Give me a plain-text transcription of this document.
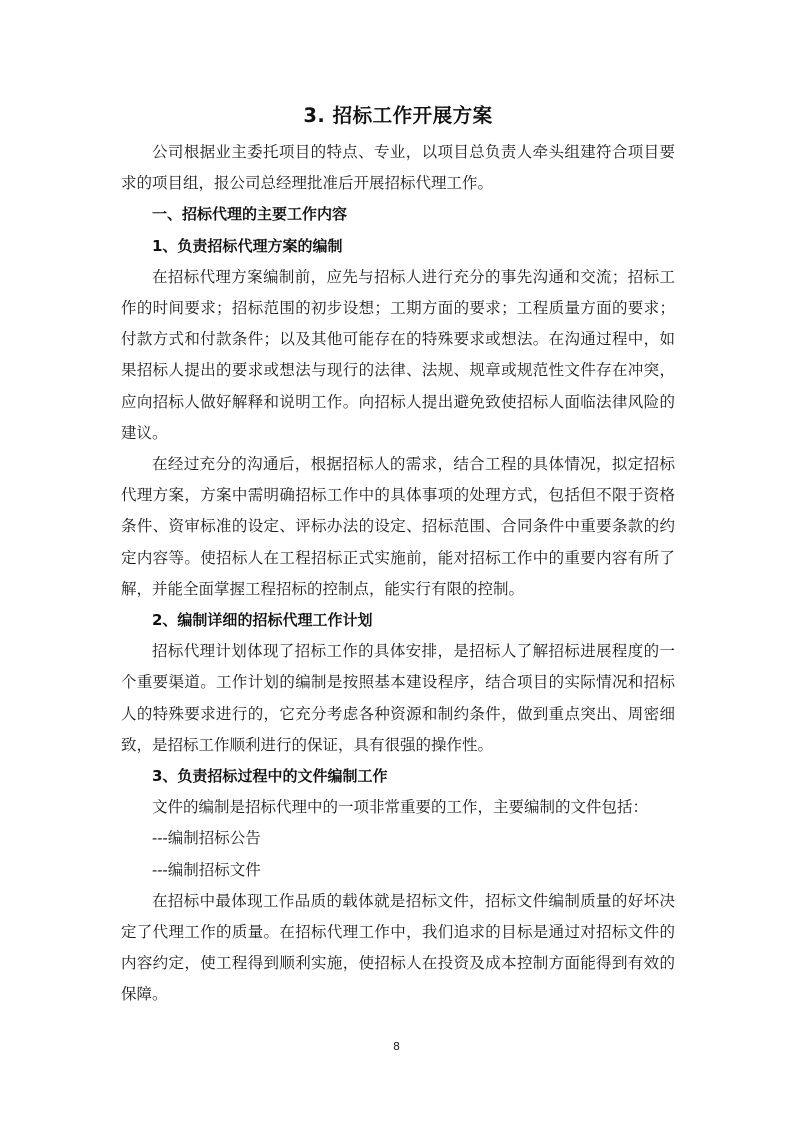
3. 招标工作开展方案

公司根据业主委托项目的特点、专业，以项目总负责人牵头组建符合项目要求的项目组，报公司总经理批准后开展招标代理工作。

一、招标代理的主要工作内容
1、负责招标代理方案的编制

在招标代理方案编制前，应先与招标人进行充分的事先沟通和交流；招标工作的时间要求；招标范围的初步设想；工期方面的要求；工程质量方面的要求；付款方式和付款条件；以及其他可能存在的特殊要求或想法。在沟通过程中，如果招标人提出的要求或想法与现行的法律、法规、规章或规范性文件存在冲突，应向招标人做好解释和说明工作。向招标人提出避免致使招标人面临法律风险的建议。

在经过充分的沟通后，根据招标人的需求，结合工程的具体情况，拟定招标代理方案，方案中需明确招标工作中的具体事项的处理方式，包括但不限于资格条件、资审标准的设定、评标办法的设定、招标范围、合同条件中重要条款的约定内容等。使招标人在工程招标正式实施前，能对招标工作中的重要内容有所了解，并能全面掌握工程招标的控制点，能实行有限的控制。

2、编制详细的招标代理工作计划

招标代理计划体现了招标工作的具体安排，是招标人了解招标进展程度的一个重要渠道。工作计划的编制是按照基本建设程序，结合项目的实际情况和招标人的特殊要求进行的，它充分考虑各种资源和制约条件，做到重点突出、周密细致，是招标工作顺利进行的保证，具有很强的操作性。

3、负责招标过程中的文件编制工作

文件的编制是招标代理中的一项非常重要的工作，主要编制的文件包括：

---编制招标公告

---编制招标文件

在招标中最体现工作品质的载体就是招标文件，招标文件编制质量的好坏决定了代理工作的质量。在招标代理工作中，我们追求的目标是通过对招标文件的内容约定，使工程得到顺利实施，使招标人在投资及成本控制方面能得到有效的保障。

8
